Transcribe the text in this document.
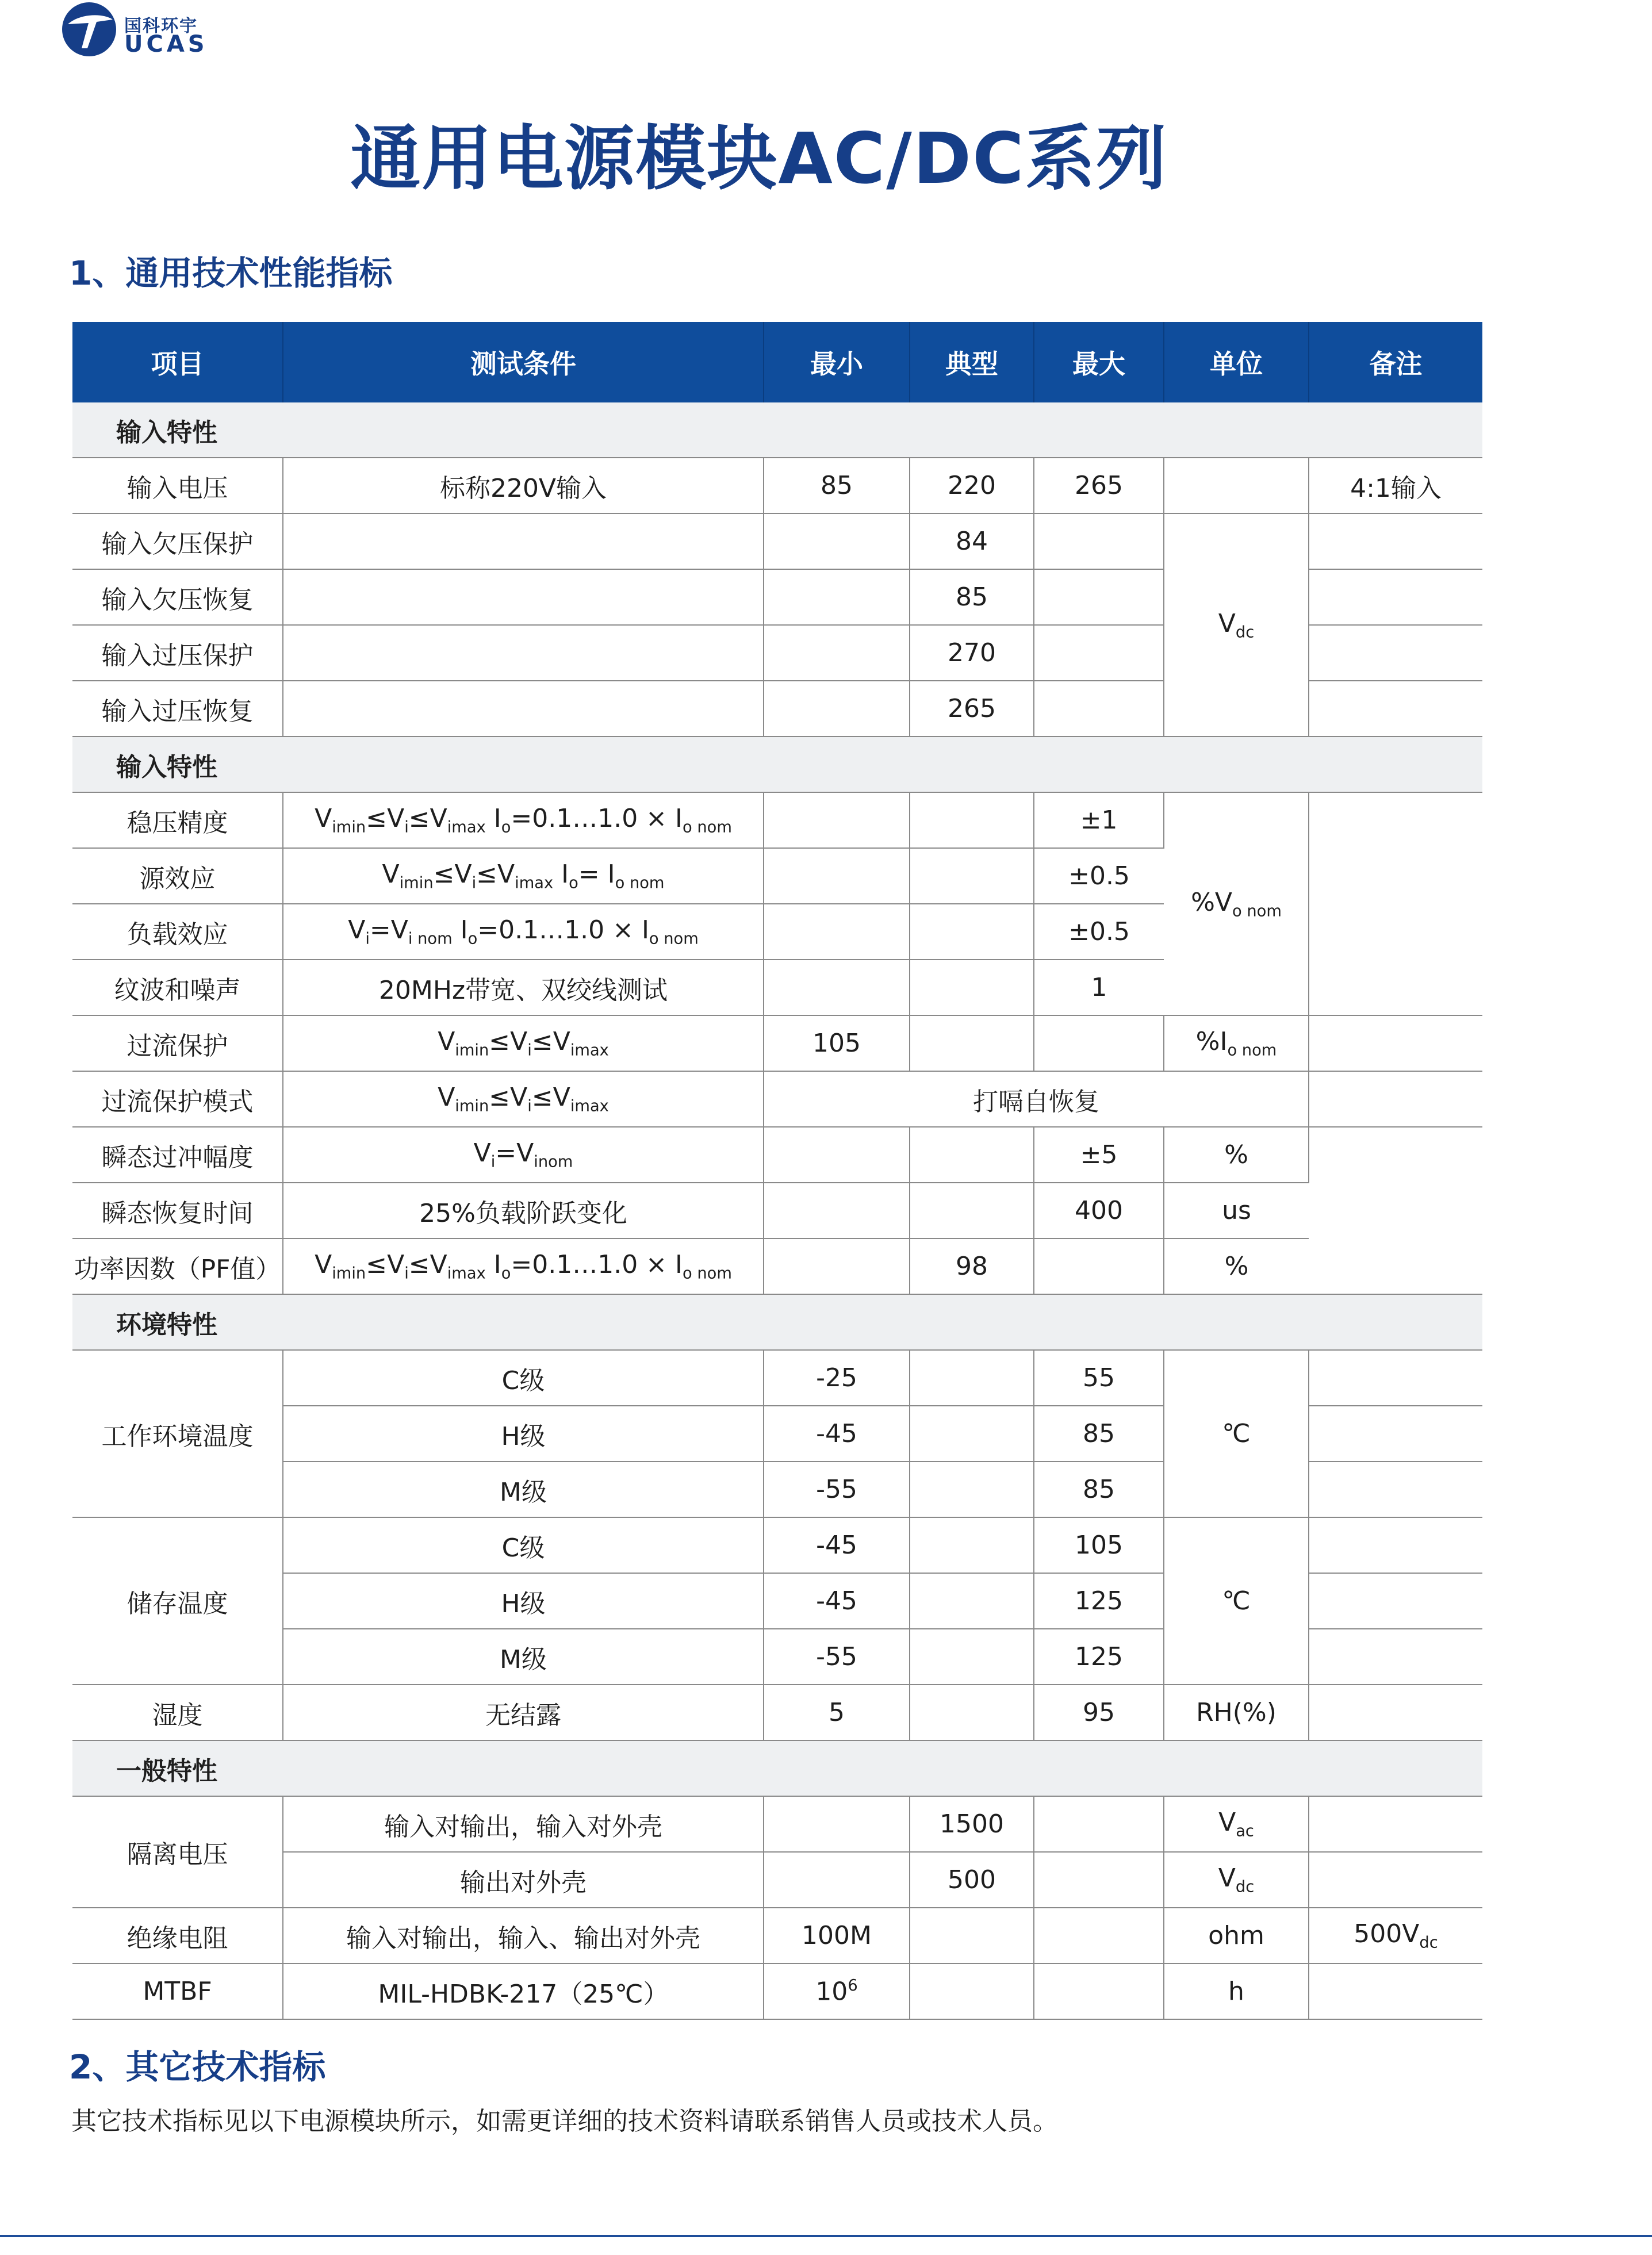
国科环宇
UCAS
通用电源模块AC/DC系列
1、通用技术性能指标
项目	测试条件	最小	典型	最大	单位	备注
输入特性						
输入电压	标称220V输入	85	220	265		4:1输入
输入欠压保护			84		$V_{dc}$	
输入欠压恢复			85			
输入过压保护			270			
输入过压恢复			265			
输入特性						
稳压精度	$V_{imin}\le V_i\le V_{imax}$ $I_o=0.1\dots 1.0 \times I_{o nom}$			±1	$\%V_{o nom}$	
源效应	$V_{imin}\le V_i\le V_{imax}$ $I_o= I_{o nom}$			±0.5		
负载效应	$V_i=V_{i nom}$ $I_o=0.1\dots 1.0 \times I_{o nom}$			±0.5		
纹波和噪声	20MHz带宽、双绞线测试			1		
过流保护	$V_{imin}\le V_i\le V_{imax}$	105			$\%I_{o nom}$	
过流保护模式	$V_{imin}\le V_i\le V_{imax}$	打嗝自恢复				
瞬态过冲幅度	$V_i=V_{inom}$			±5	%	
瞬态恢复时间	25%负载阶跃变化			400	us	
功率因数（PF值）	$V_{imin}\le V_i\le V_{imax}$ $I_o=0.1\dots 1.0 \times I_{o nom}$		98		%	
环境特性						
工作环境温度	C级	-25		55	℃	
	H级	-45		85		
	M级	-55		85		
储存温度	C级	-45		105	℃	
	H级	-45		125		
	M级	-55		125		
湿度	无结露	5		95	RH(%)	
一般特性						
隔离电压	输入对输出，输入对外壳		1500		$V_{ac}$	
	输出对外壳		500		$V_{dc}$	
绝缘电阻	输入对输出，输入、输出对外壳	100M			ohm	$500V_{dc}$
MTBF	MIL-HDBK-217（25℃）	$10^6$			h	
2、其它技术指标
其它技术指标见以下电源模块所示，如需更详细的技术资料请联系销售人员或技术人员。
